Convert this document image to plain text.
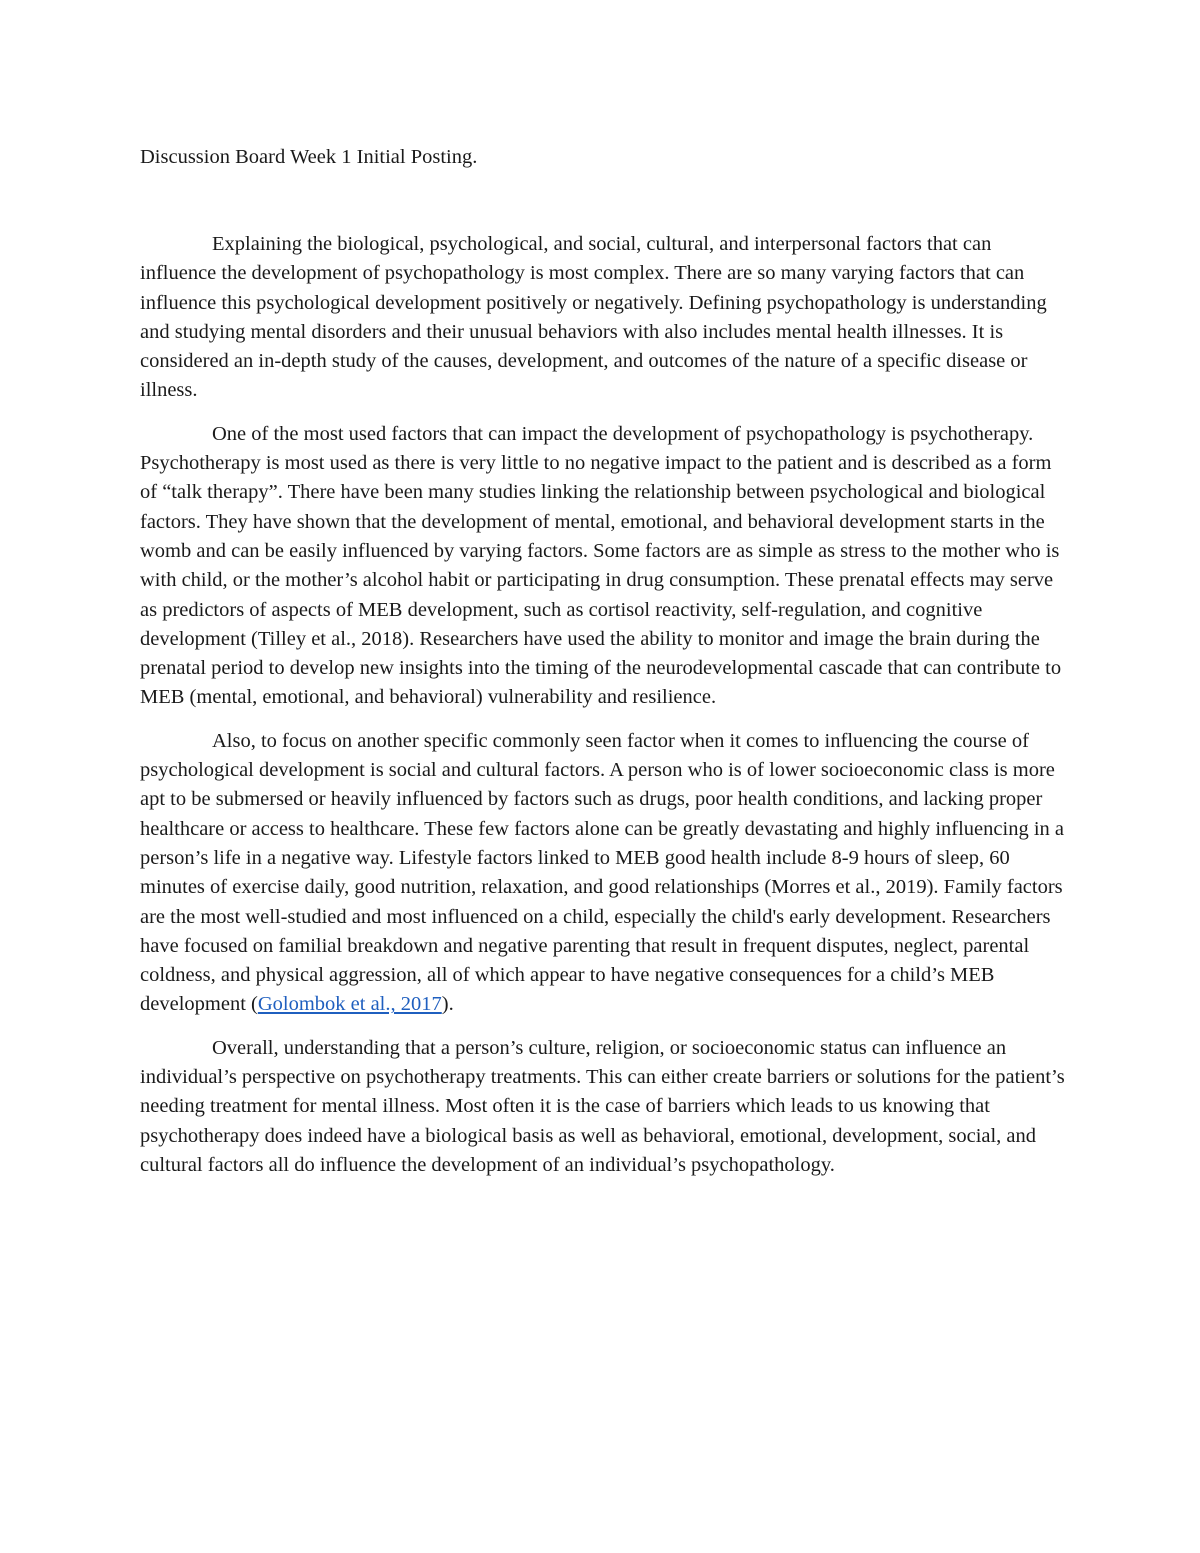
Discussion Board Week 1 Initial Posting.

Explaining the biological, psychological, and social, cultural, and interpersonal factors that can influence the development of psychopathology is most complex. There are so many varying factors that can influence this psychological development positively or negatively. Defining psychopathology is understanding and studying mental disorders and their unusual behaviors with also includes mental health illnesses. It is considered an in-depth study of the causes, development, and outcomes of the nature of a specific disease or illness.

One of the most used factors that can impact the development of psychopathology is psychotherapy. Psychotherapy is most used as there is very little to no negative impact to the patient and is described as a form of “talk therapy”. There have been many studies linking the relationship between psychological and biological factors. They have shown that the development of mental, emotional, and behavioral development starts in the womb and can be easily influenced by varying factors. Some factors are as simple as stress to the mother who is with child, or the mother’s alcohol habit or participating in drug consumption. These prenatal effects may serve as predictors of aspects of MEB development, such as cortisol reactivity, self-regulation, and cognitive development (Tilley et al., 2018). Researchers have used the ability to monitor and image the brain during the prenatal period to develop new insights into the timing of the neurodevelopmental cascade that can contribute to MEB (mental, emotional, and behavioral) vulnerability and resilience.

Also, to focus on another specific commonly seen factor when it comes to influencing the course of psychological development is social and cultural factors. A person who is of lower socioeconomic class is more apt to be submersed or heavily influenced by factors such as drugs, poor health conditions, and lacking proper healthcare or access to healthcare. These few factors alone can be greatly devastating and highly influencing in a person’s life in a negative way. Lifestyle factors linked to MEB good health include 8-9 hours of sleep, 60 minutes of exercise daily, good nutrition, relaxation, and good relationships (Morres et al., 2019). Family factors are the most well-studied and most influenced on a child, especially the child's early development. Researchers have focused on familial breakdown and negative parenting that result in frequent disputes, neglect, parental coldness, and physical aggression, all of which appear to have negative consequences for a child’s MEB development (Golombok et al., 2017).

Overall, understanding that a person’s culture, religion, or socioeconomic status can influence an individual’s perspective on psychotherapy treatments. This can either create barriers or solutions for the patient’s needing treatment for mental illness. Most often it is the case of barriers which leads to us knowing that psychotherapy does indeed have a biological basis as well as behavioral, emotional, development, social, and cultural factors all do influence the development of an individual’s psychopathology.
